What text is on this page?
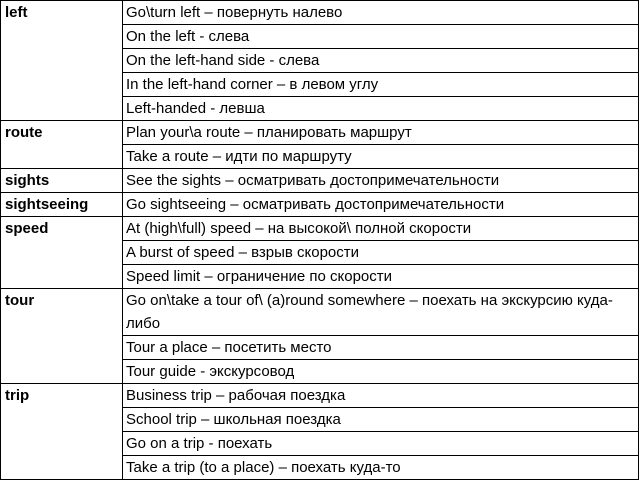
left	Go\turn left – повернуть налево
	On the left - слева
	On the left-hand side - слева
	In the left-hand corner – в левом углу
	Left-handed - левша
route	Plan your\a route – планировать маршрут
	Take a route – идти по маршруту
sights	See the sights – осматривать достопримечательности
sightseeing	Go sightseeing – осматривать достопримечательности
speed	At (high\full) speed – на высокой\ полной скорости
	A burst of speed – взрыв скорости
	Speed limit – ограничение по скорости
tour	Go on\take a tour of\ (a)round somewhere – поехать на экскурсию куда-либо
	Tour a place – посетить место
	Tour guide - экскурсовод
trip	Business trip – рабочая поездка
	School trip – школьная поездка
	Go on a trip - поехать
	Take a trip (to a place) – поехать куда-то
